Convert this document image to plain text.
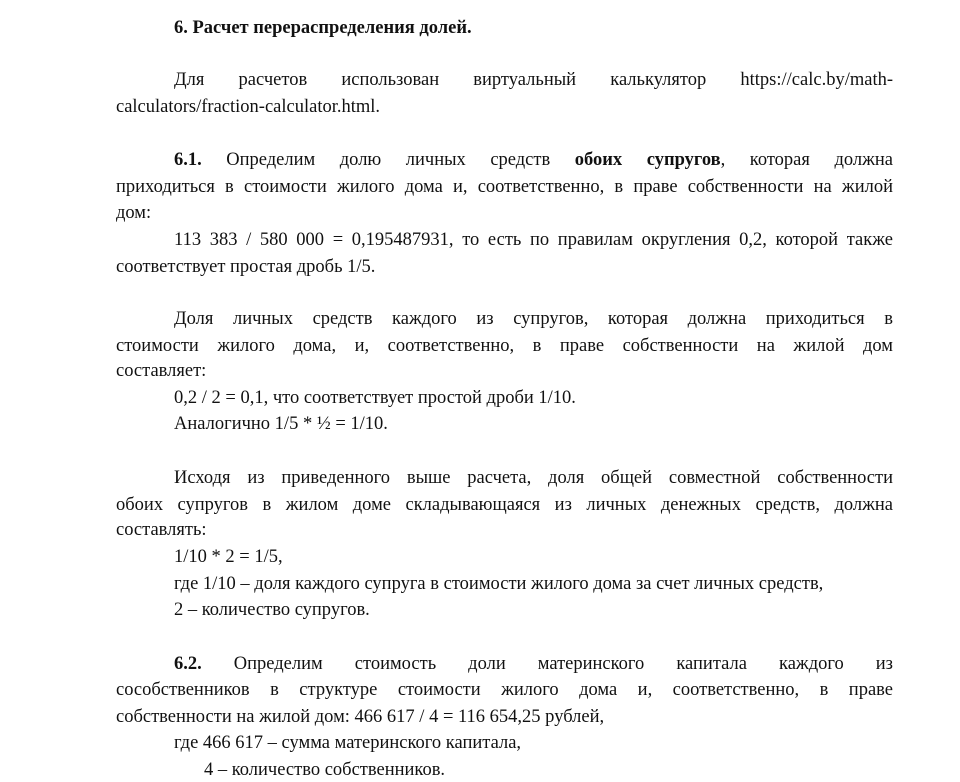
6. Расчет перераспределения долей.
Для расчетов использован виртуальный калькулятор https://calc.by/math-
calculators/fraction-calculator.html.
6.1. Определим долю личных средств обоих супругов, которая должна
приходиться в стоимости жилого дома и, соответственно, в праве собственности на жилой
дом:
113 383 / 580 000 = 0,195487931, то есть по правилам округления 0,2, которой также
соответствует простая дробь 1/5.
Доля личных средств каждого из супругов, которая должна приходиться в
стоимости жилого дома, и, соответственно, в праве собственности на жилой дом
составляет:
0,2 / 2 = 0,1, что соответствует простой дроби 1/10.
Аналогично 1/5 * ½ = 1/10.
Исходя из приведенного выше расчета, доля общей совместной собственности
обоих супругов в жилом доме складывающаяся из личных денежных средств, должна
составлять:
1/10 * 2 = 1/5,
где 1/10 – доля каждого супруга в стоимости жилого дома за счет личных средств,
2 – количество супругов.
6.2. Определим стоимость доли материнского капитала каждого из
сособственников в структуре стоимости жилого дома и, соответственно, в праве
собственности на жилой дом: 466 617 / 4 = 116 654,25 рублей,
где 466 617 – сумма материнского капитала,
4 – количество собственников.
